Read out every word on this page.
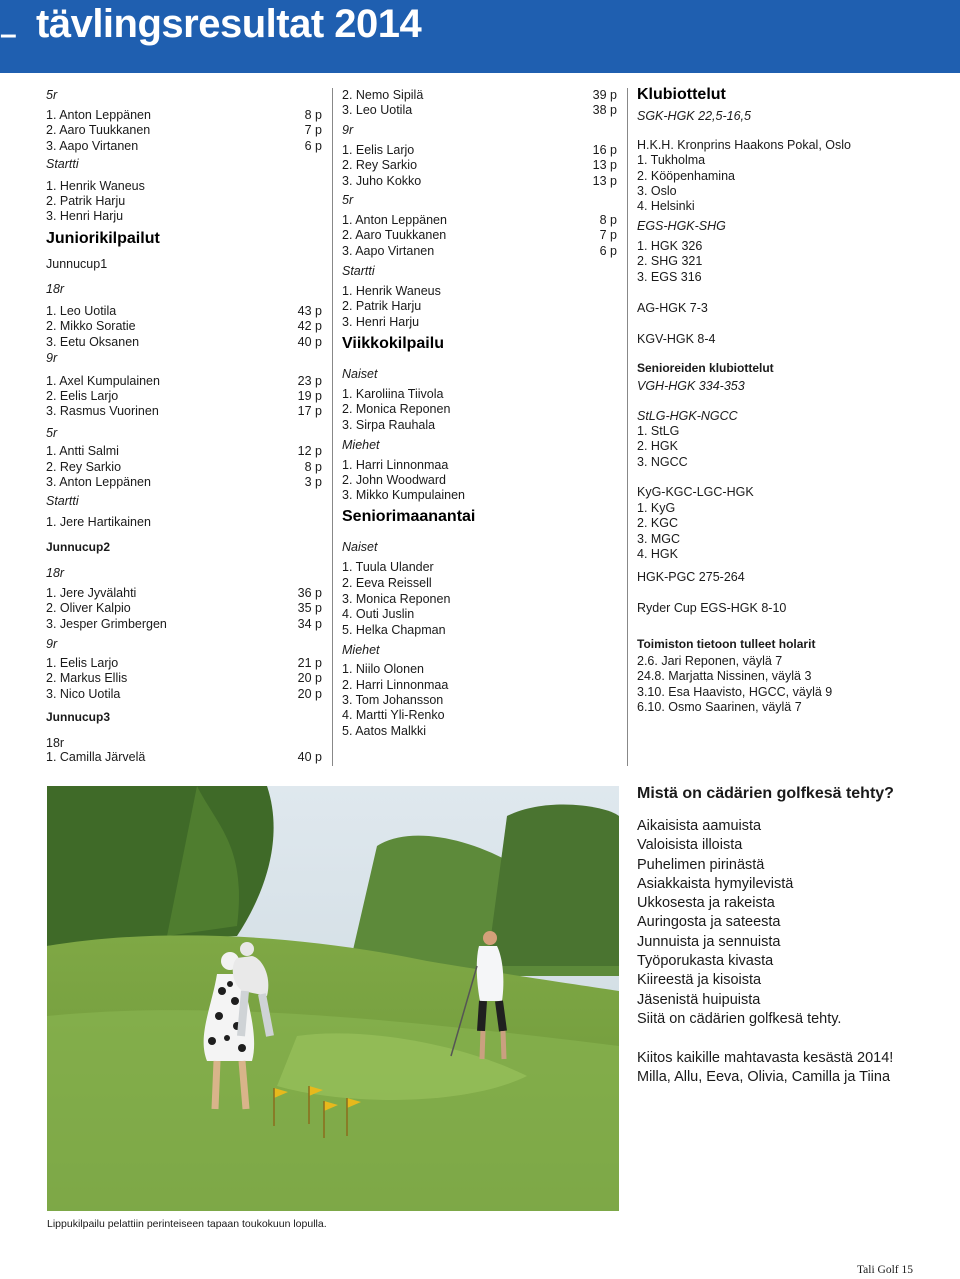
– tävlingsresultat 2014
5r
1. Anton Leppänen	8 p
2. Aaro Tuukkanen	7 p
3. Aapo Virtanen	6 p
Startti
1. Henrik Waneus
2. Patrik Harju
3. Henri Harju
Juniorikilpailut
Junnucup1
18r
1. Leo Uotila	43 p
2. Mikko Soratie	42 p
3. Eetu Oksanen	40 p
9r
1. Axel Kumpulainen	23 p
2. Eelis Larjo	19 p
3. Rasmus Vuorinen	17 p
5r
1. Antti Salmi	12 p
2. Rey Sarkio	8 p
3. Anton Leppänen	3 p
Startti
1. Jere Hartikainen
Junnucup2
18r
1. Jere Jyvälahti	36 p
2. Oliver Kalpio	35 p
3. Jesper Grimbergen	34 p
9r
1. Eelis Larjo	21 p
2. Markus Ellis	20 p
3. Nico Uotila	20 p
Junnucup3
18r
1. Camilla Järvelä	40 p
2. Nemo Sipilä	39 p
3. Leo Uotila	38 p
9r
1. Eelis Larjo	16 p
2. Rey Sarkio	13 p
3. Juho Kokko	13 p
5r
1. Anton Leppänen	8 p
2. Aaro Tuukkanen	7 p
3. Aapo Virtanen	6 p
Startti
1. Henrik Waneus
2. Patrik Harju
3. Henri Harju
Viikkokilpailu
Naiset
1. Karoliina Tiivola
2. Monica Reponen
3. Sirpa Rauhala
Miehet
1. Harri Linnonmaa
2. John Woodward
3. Mikko Kumpulainen
Seniorimaanantai
Naiset
1. Tuula Ulander
2. Eeva Reissell
3. Monica Reponen
4. Outi Juslin
5. Helka Chapman
Miehet
1. Niilo Olonen
2. Harri Linnonmaa
3. Tom Johansson
4. Martti Yli-Renko
5. Aatos Malkki
Klubiottelut
SGK-HGK 22,5-16,5
H.K.H. Kronprins Haakons Pokal, Oslo
1. Tukholma
2. Kööpenhamina
3. Oslo
4. Helsinki
EGS-HGK-SHG
1. HGK 326
2. SHG 321
3. EGS 316
AG-HGK 7-3
KGV-HGK 8-4
Senioreiden klubiottelut
VGH-HGK 334-353
StLG-HGK-NGCC
1. StLG
2. HGK
3. NGCC
KyG-KGC-LGC-HGK
1. KyG
2. KGC
3. MGC
4. HGK
HGK-PGC 275-264
Ryder Cup EGS-HGK 8-10
Toimiston tietoon tulleet holarit
2.6. Jari Reponen, väylä 7
24.8. Marjatta Nissinen, väylä 3
3.10. Esa Haavisto, HGCC, väylä 9
6.10. Osmo Saarinen, väylä 7
Lippukilpailu pelattiin perinteiseen tapaan toukokuun lopulla.
Mistä on cädärien golfkesä tehty?
Aikaisista aamuista
Valoisista illoista
Puhelimen pirinästä
Asiakkaista hymyilevistä
Ukkosesta ja rakeista
Auringosta ja sateesta
Junnuista ja sennuista
Työporukasta kivasta
Kiireestä ja kisoista
Jäsenistä huipuista
Siitä on cädärien golfkesä tehty.
Kiitos kaikille mahtavasta kesästä 2014!
Milla, Allu, Eeva, Olivia, Camilla ja Tiina
Tali Golf 15
